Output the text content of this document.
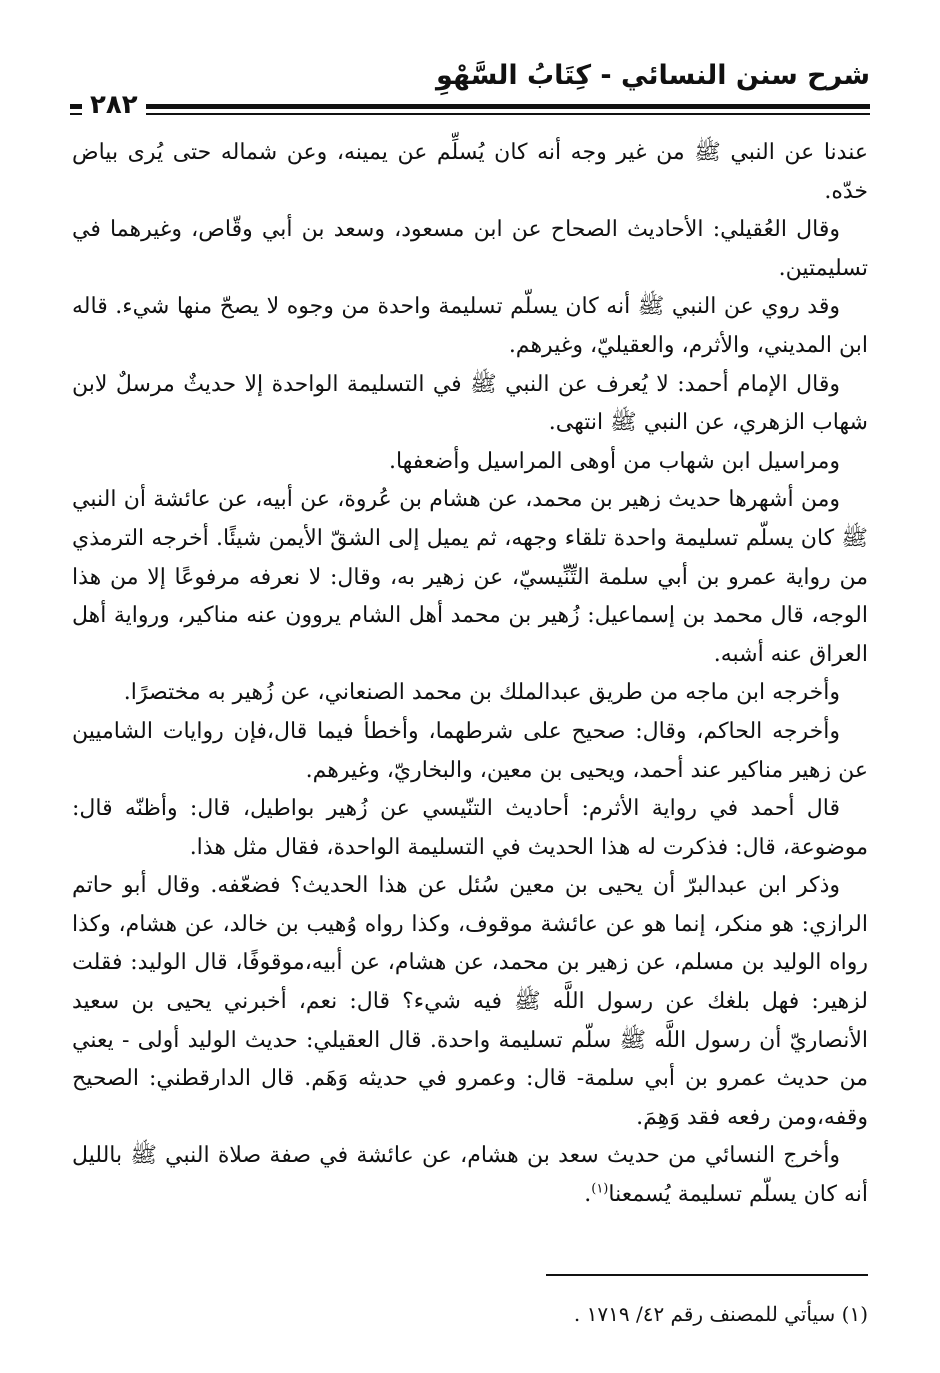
شرح سنن النسائي - كِتَابُ السَّهْوِ
٢٨٢

عندنا عن النبي ﷺ من غير وجه أنه كان يُسلِّم عن يمينه، وعن شماله حتى يُرى بياض خدّه.

وقال العُقيلي: الأحاديث الصحاح عن ابن مسعود، وسعد بن أبي وقّاص، وغيرهما في تسليمتين.

وقد روي عن النبي ﷺ أنه كان يسلّم تسليمة واحدة من وجوه لا يصحّ منها شيء. قاله ابن المديني، والأثرم، والعقيليّ، وغيرهم.

وقال الإمام أحمد: لا يُعرف عن النبي ﷺ في التسليمة الواحدة إلا حديثٌ مرسلٌ لابن شهاب الزهري، عن النبي ﷺ انتهى.

ومراسيل ابن شهاب من أوهى المراسيل وأضعفها.

ومن أشهرها حديث زهير بن محمد، عن هشام بن عُروة، عن أبيه، عن عائشة أن النبي ﷺ كان يسلّم تسليمة واحدة تلقاء وجهه، ثم يميل إلى الشقّ الأيمن شيئًا. أخرجه الترمذي من رواية عمرو بن أبي سلمة التِّنِّيسيّ، عن زهير به، وقال: لا نعرفه مرفوعًا إلا من هذا الوجه، قال محمد بن إسماعيل: زُهير بن محمد أهل الشام يروون عنه مناكير، ورواية أهل العراق عنه أشبه.

وأخرجه ابن ماجه من طريق عبدالملك بن محمد الصنعاني، عن زُهير به مختصرًا.

وأخرجه الحاكم، وقال: صحيح على شرطهما، وأخطأ فيما قال،فإن روايات الشاميين عن زهير مناكير عند أحمد، ويحيى بن معين، والبخاريّ، وغيرهم.

قال أحمد في رواية الأثرم: أحاديث التنّيسي عن زُهير بواطيل، قال: وأظنّه قال: موضوعة، قال: فذكرت له هذا الحديث في التسليمة الواحدة، فقال مثل هذا.

وذكر ابن عبدالبرّ أن يحيى بن معين سُئل عن هذا الحديث؟ فضعّفه. وقال أبو حاتم الرازي: هو منكر، إنما هو عن عائشة موقوف، وكذا رواه وُهيب بن خالد، عن هشام، وكذا رواه الوليد بن مسلم، عن زهير بن محمد، عن هشام، عن أبيه،موقوفًا، قال الوليد: فقلت لزهير: فهل بلغك عن رسول اللَّه ﷺ فيه شيء؟ قال: نعم، أخبرني يحيى بن سعيد الأنصاريّ أن رسول اللَّه ﷺ سلّم تسليمة واحدة. قال العقيلي: حديث الوليد أولى - يعني من حديث عمرو بن أبي سلمة- قال: وعمرو في حديثه وَهَم. قال الدارقطني: الصحيح وقفه،ومن رفعه فقد وَهِمَ.

وأخرج النسائي من حديث سعد بن هشام، عن عائشة في صفة صلاة النبي ﷺ بالليل أنه كان يسلّم تسليمة يُسمعنا$^{(١)}$.

(١) سيأتي للمصنف رقم ٤٢/ ١٧١٩ .
